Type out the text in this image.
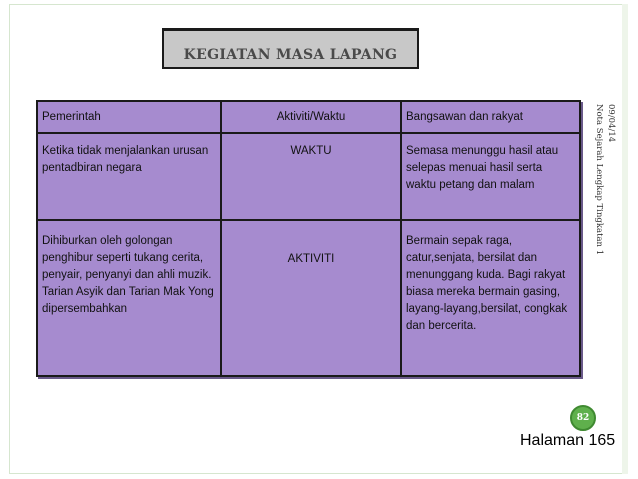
KEGIATAN MASA LAPANG
Pemerintah	Aktiviti/Waktu	Bangsawan dan rakyat
Ketika tidak menjalankan urusan pentadbiran negara	WAKTU	Semasa menunggu hasil atau selepas menuai hasil serta waktu petang dan malam
Dihiburkan oleh golongan penghibur seperti tukang cerita, penyair, penyanyi dan ahli muzik. Tarian Asyik dan Tarian Mak Yong dipersembahkan	AKTIVITI	Bermain sepak raga, catur,senjata, bersilat dan menunggang kuda. Bagi rakyat biasa mereka bermain gasing, layang-layang,bersilat, congkak dan bercerita.
09/04/14
Nota Sejarah Lengkap Tingkatan 1
82
Halaman 165
